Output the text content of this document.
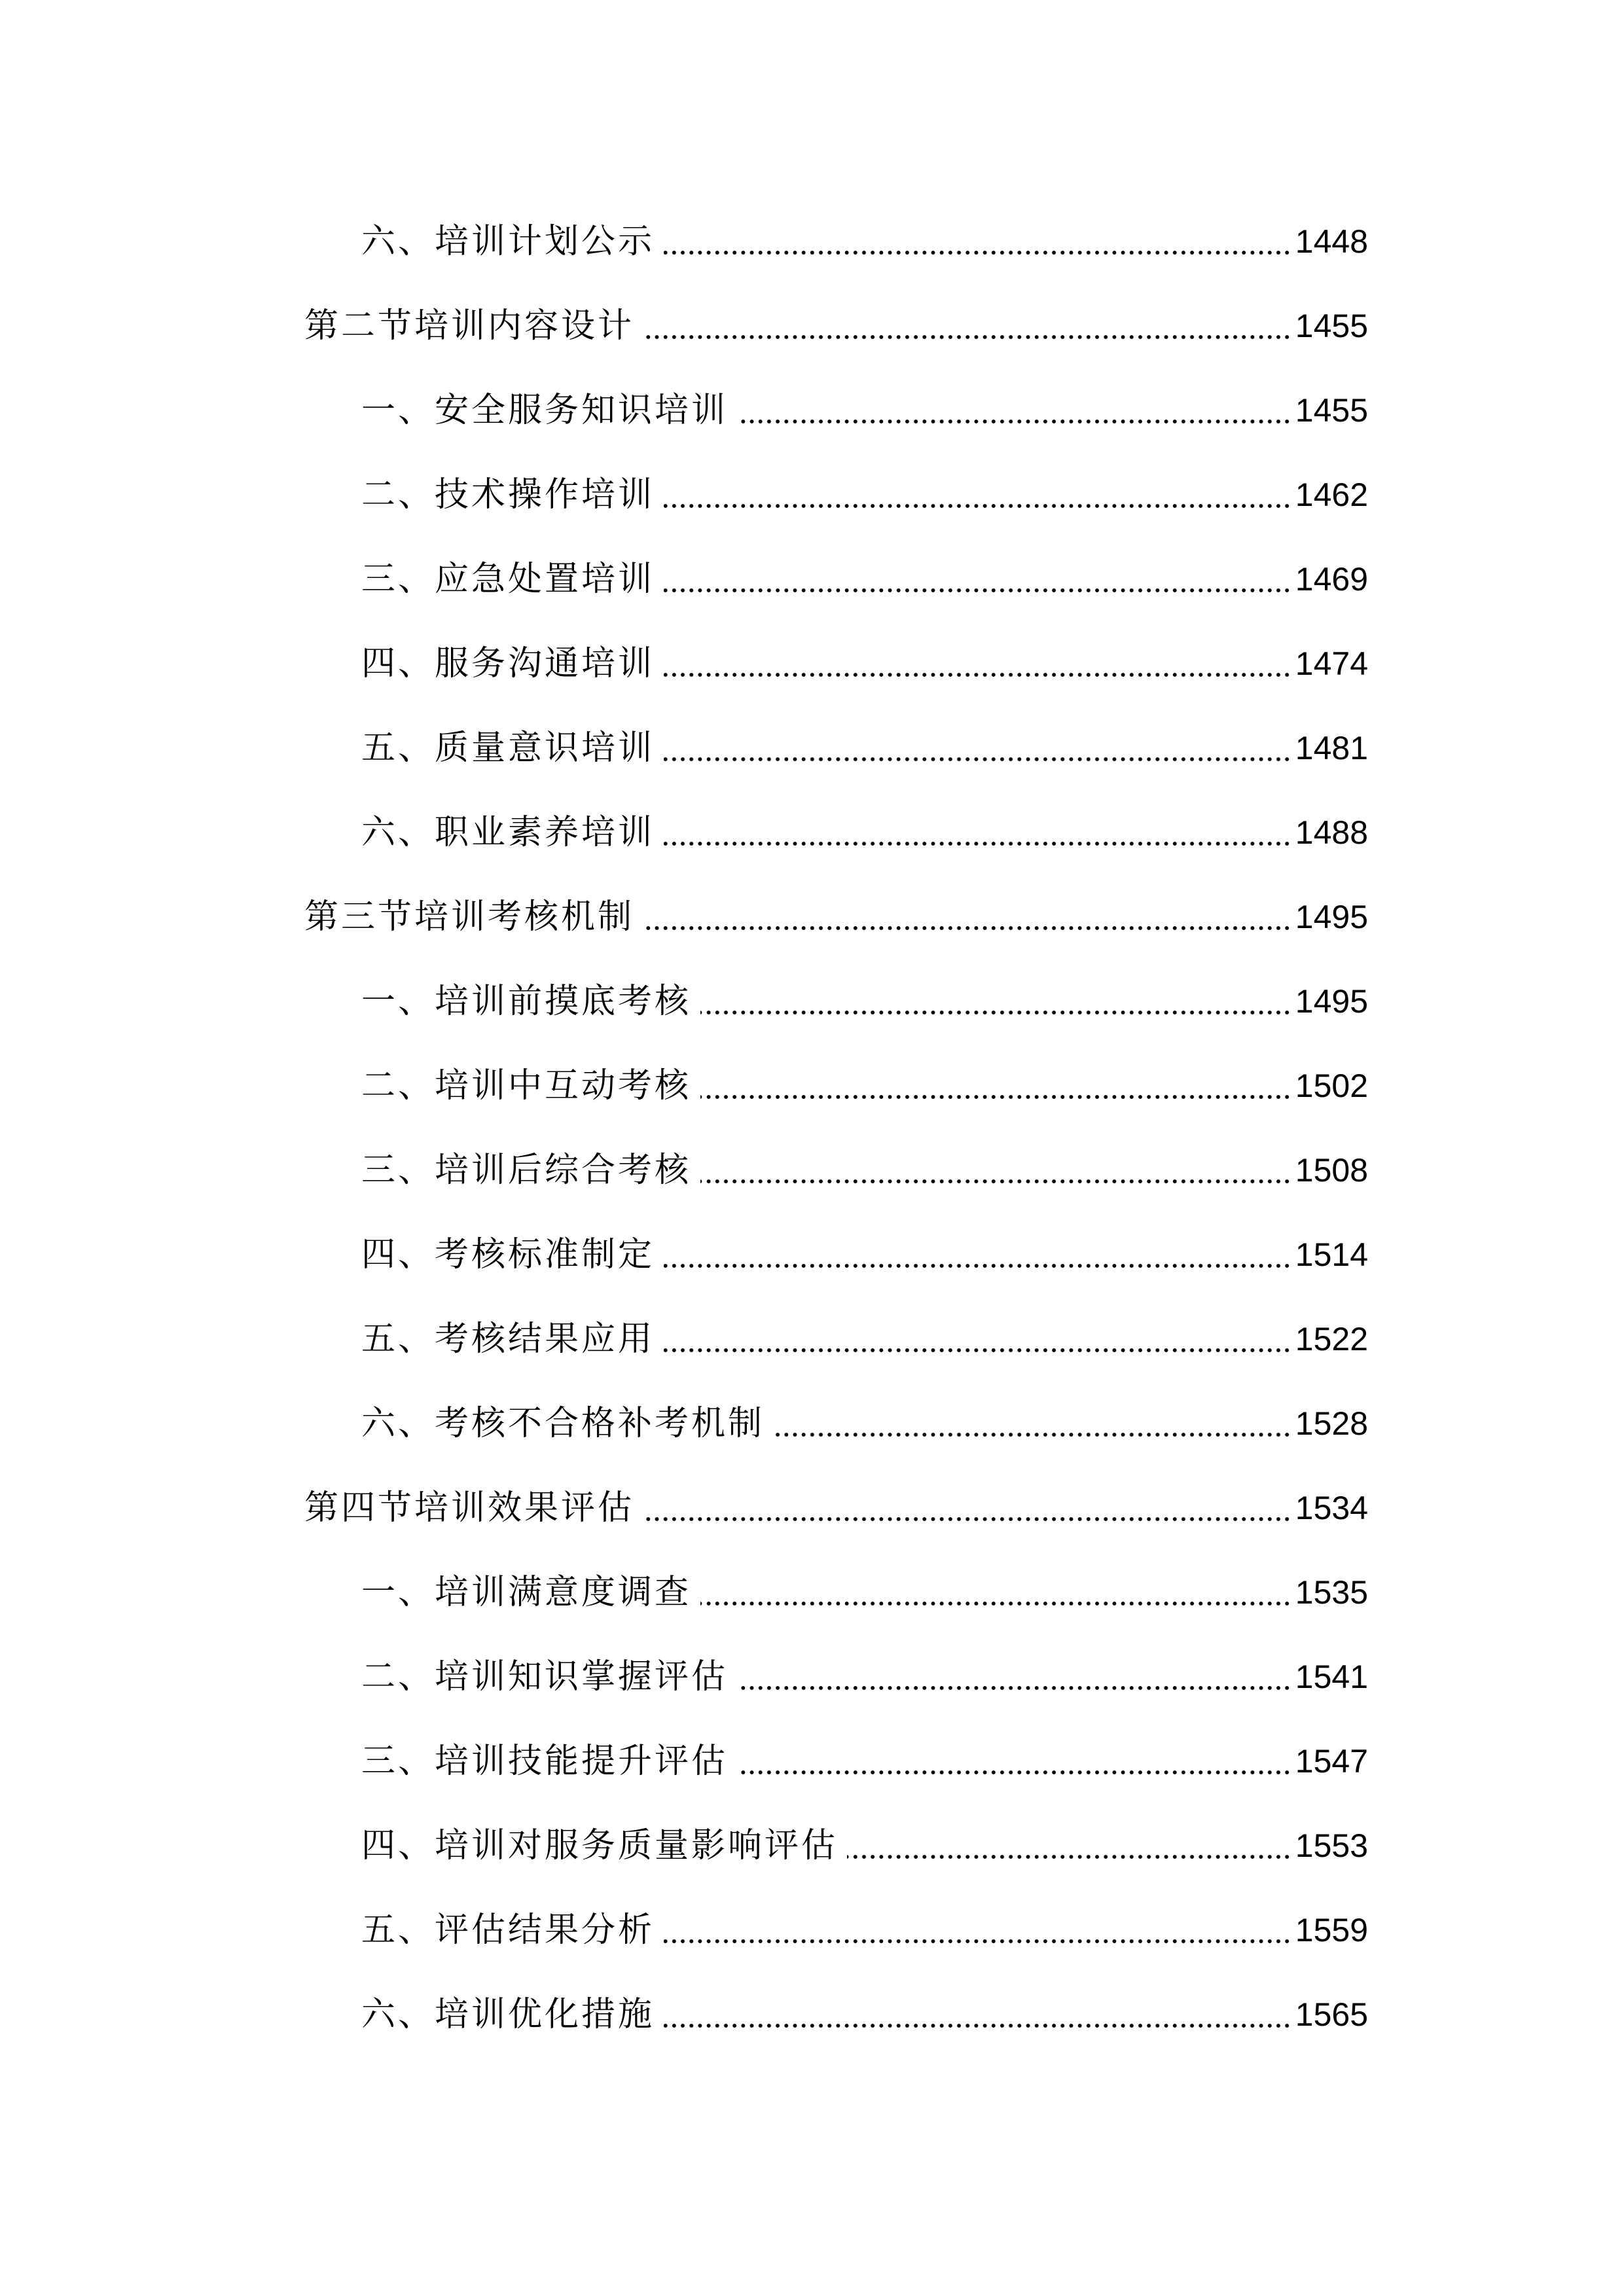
六、培训计划公示	1448
第二节培训内容设计	1455
一、安全服务知识培训	1455
二、技术操作培训	1462
三、应急处置培训	1469
四、服务沟通培训	1474
五、质量意识培训	1481
六、职业素养培训	1488
第三节培训考核机制	1495
一、培训前摸底考核	1495
二、培训中互动考核	1502
三、培训后综合考核	1508
四、考核标准制定	1514
五、考核结果应用	1522
六、考核不合格补考机制	1528
第四节培训效果评估	1534
一、培训满意度调查	1535
二、培训知识掌握评估	1541
三、培训技能提升评估	1547
四、培训对服务质量影响评估	1553
五、评估结果分析	1559
六、培训优化措施	1565
